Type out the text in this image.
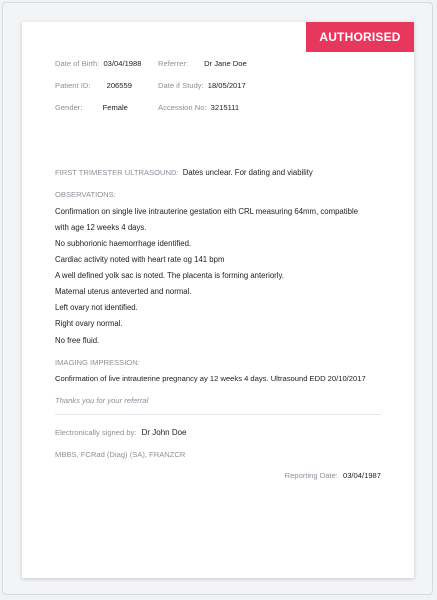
AUTHORISED
Date of Birth: 03/04/1988 Referrer: Dr Jane Doe
Patient ID: 206559	Date if Study: 18/05/2017
Gender:	Female	Accession No: 3215111
FIRST TRIMESTER ULTRASOUND: Dates unclear. For dating and viability
OBSERVATIONS:
Confirmation on single live intrauterine gestation eith CRL measuring 64mm, compatible
with age 12 weeks 4 days.
No subhorionic haemorrhage identified.
Cardiac activity noted with heart rate og 141 bpm
A well defined yolk sac is noted. The placenta is forming anteriorly.
Maternal uterus anteverted and normal.
Left ovary not identified.
Right ovary normal.
No free fluid.
IMAGING IMPRESSION:
Confirmation of live intrauterine pregnancy ay 12 weeks 4 days. Ultrasound EDD 20/10/2017
Thanks you for your referral
Electronically signed by: Dr John Doe
MBBS, FCRad (Diag) (SA), FRANZCR
Reporting Date: 03/04/1987
